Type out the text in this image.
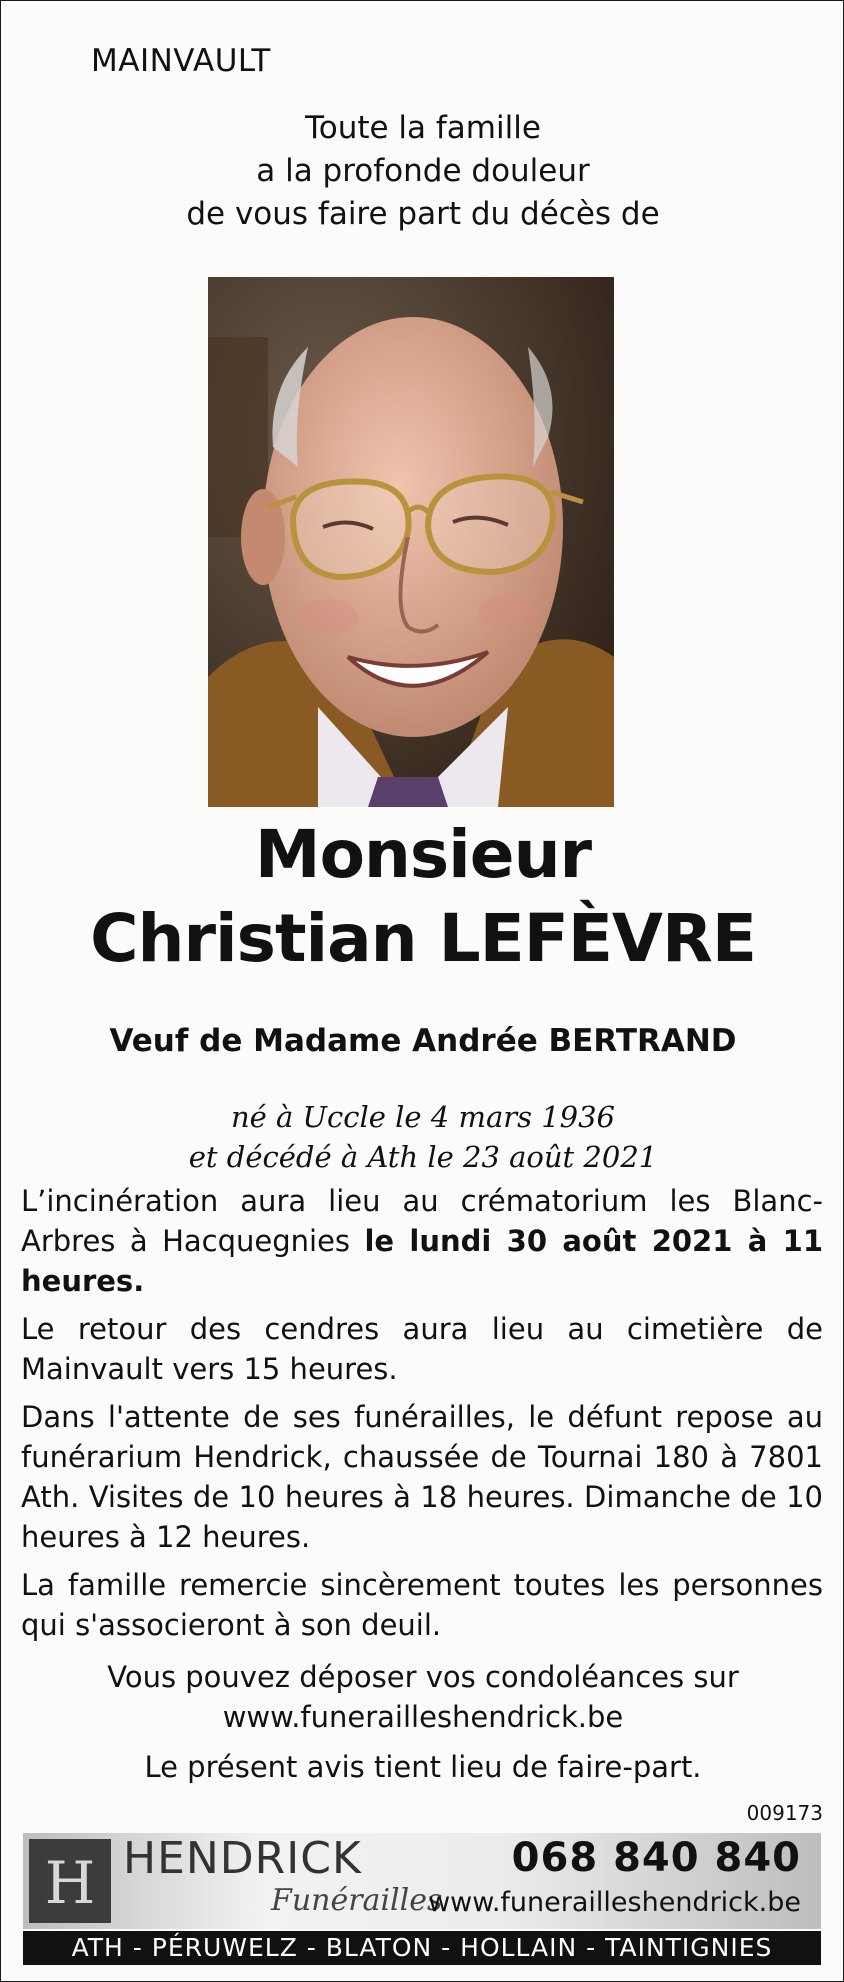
MAINVAULT
Toute la famille
a la profonde douleur
de vous faire part du décès de
Monsieur
Christian LEFÈVRE
Veuf de Madame Andrée BERTRAND
né à Uccle le 4 mars 1936
et décédé à Ath le 23 août 2021

L’incinération aura lieu au crématorium les Blanc-Arbres à Hacquegnies le lundi 30 août 2021 à 11 heures.

Le retour des cendres aura lieu au cimetière de Mainvault vers 15 heures.

Dans l'attente de ses funérailles, le défunt repose au funérarium Hendrick, chaussée de Tournai 180 à 7801 Ath. Visites de 10 heures à 18 heures. Dimanche de 10 heures à 12 heures.

La famille remercie sincèrement toutes les personnes qui s'associeront à son deuil.

Vous pouvez déposer vos condoléances sur
www.funerailleshendrick.be
Le présent avis tient lieu de faire-part.
009173
H HENDRICK
Funérailles
068 840 840
www.funerailleshendrick.be
ATH - PÉRUWELZ - BLATON - HOLLAIN - TAINTIGNIES
